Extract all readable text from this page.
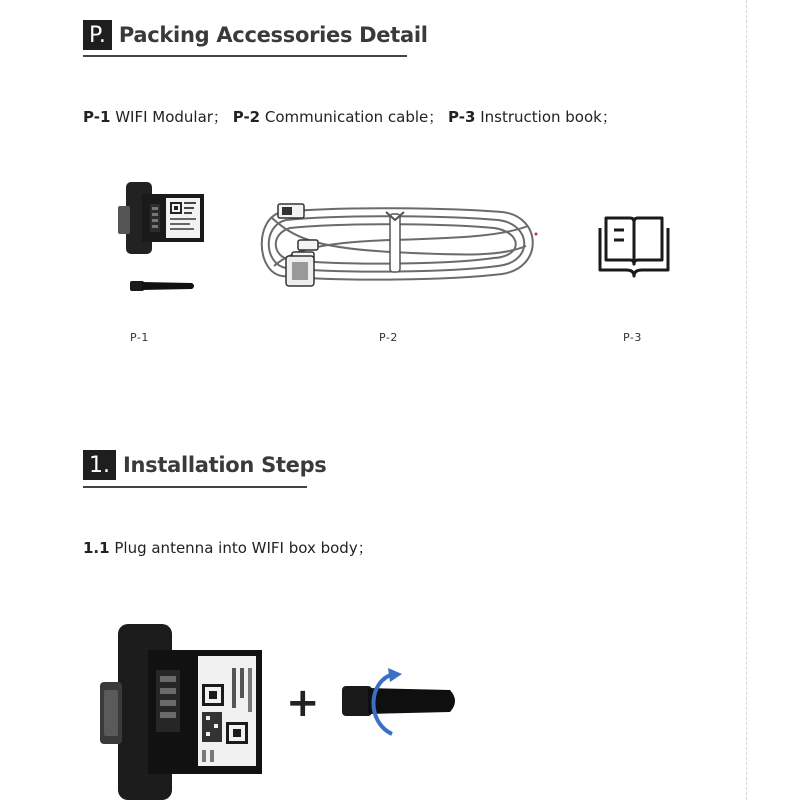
P. Packing Accessories Detail
P-1 WIFI Modular； P-2 Communication cable； P-3 Instruction book；
P-1	P-2	P-3
1. Installation Steps
1.1 Plug antenna into WIFI box body；
+
